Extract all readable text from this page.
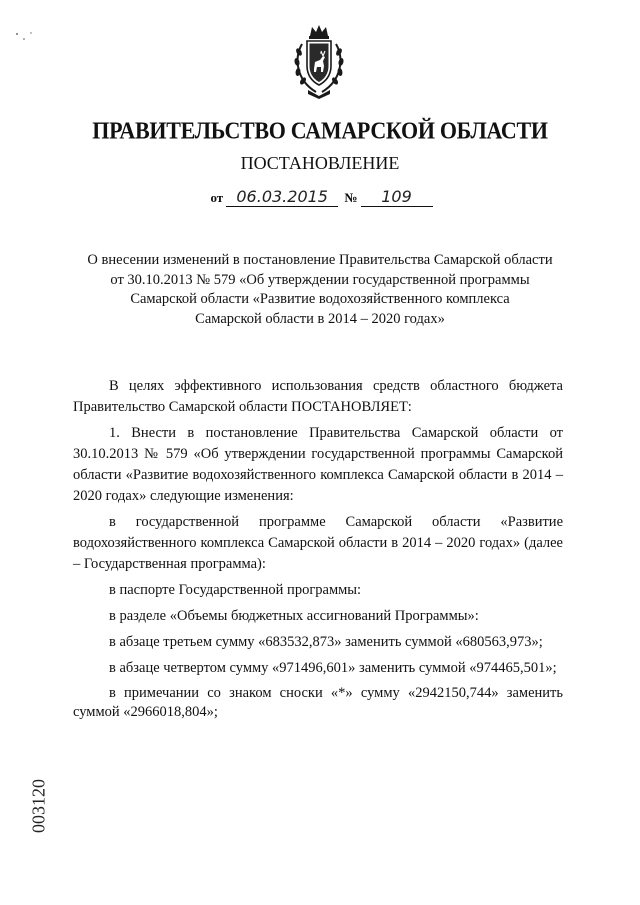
ПРАВИТЕЛЬСТВО САМАРСКОЙ ОБЛАСТИ
ПОСТАНОВЛЕНИЕ
от 06.03.2015 № 109
О внесении изменений в постановление Правительства Самарской области
от 30.10.2013 № 579 «Об утверждении государственной программы
Самарской области «Развитие водохозяйственного комплекса
Самарской области в 2014 – 2020 годах»

В целях эффективного использования средств областного бюджета Правительство Самарской области ПОСТАНОВЛЯЕТ:

1. Внести в постановление Правительства Самарской области от 30.10.2013 № 579 «Об утверждении государственной программы Самарской области «Развитие водохозяйственного комплекса Самарской области в 2014 – 2020 годах» следующие изменения:

в государственной программе Самарской области «Развитие водохозяйственного комплекса Самарской области в 2014 – 2020 годах» (далее – Государственная программа):

в паспорте Государственной программы:

в разделе «Объемы бюджетных ассигнований Программы»:

в абзаце третьем сумму «683532,873» заменить суммой «680563,973»;

в абзаце четвертом сумму «971496,601» заменить суммой «974465,501»;

в примечании со знаком сноски «*» сумму «2942150,744» заменить суммой «2966018,804»;

003120
